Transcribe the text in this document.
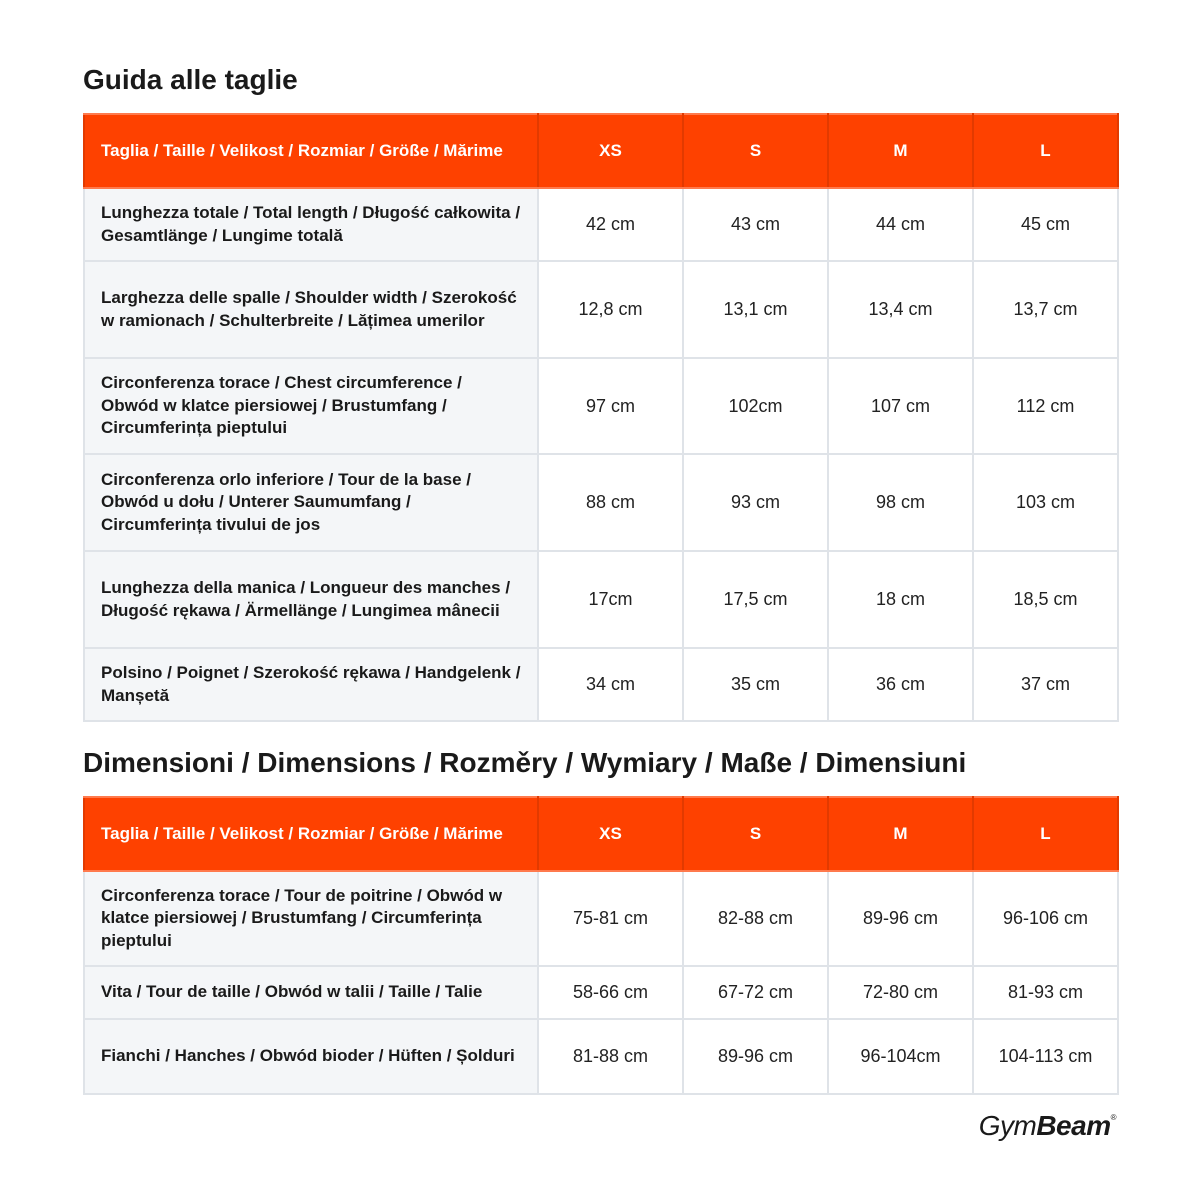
Guida alle taglie
Taglia / Taille / Velikost / Rozmiar / Größe / Mărime	XS	S	M	L
Lunghezza totale / Total length / Długość całkowita / Gesamtlänge / Lungime totală	42 cm	43 cm	44 cm	45 cm
Larghezza delle spalle / Shoulder width / Szerokość w ramionach / Schulterbreite / Lățimea umerilor	12,8 cm	13,1 cm	13,4 cm	13,7 cm
Circonferenza torace / Chest circumference / Obwód w klatce piersiowej / Brustumfang / Circumferința pieptului	97 cm	102cm	107 cm	112 cm
Circonferenza orlo inferiore / Tour de la base / Obwód u dołu / Unterer Saumumfang / Circumferința tivului de jos	88 cm	93 cm	98 cm	103 cm
Lunghezza della manica / Longueur des manches / Długość rękawa / Ärmellänge / Lungimea mânecii	17cm	17,5 cm	18 cm	18,5 cm
Polsino / Poignet / Szerokość rękawa / Handgelenk / Manșetă	34 cm	35 cm	36 cm	37 cm
Dimensioni / Dimensions / Rozměry / Wymiary / Maße / Dimensiuni
Taglia / Taille / Velikost / Rozmiar / Größe / Mărime	XS	S	M	L
Circonferenza torace / Tour de poitrine / Obwód w klatce piersiowej / Brustumfang / Circumferința pieptului	75-81 cm	82-88 cm	89-96 cm	96-106 cm
Vita / Tour de taille / Obwód w talii / Taille / Talie	58-66 cm	67-72 cm	72-80 cm	81-93 cm
Fianchi / Hanches / Obwód bioder / Hüften / Șolduri	81-88 cm	89-96 cm	96-104cm	104-113 cm
GymBeam®
